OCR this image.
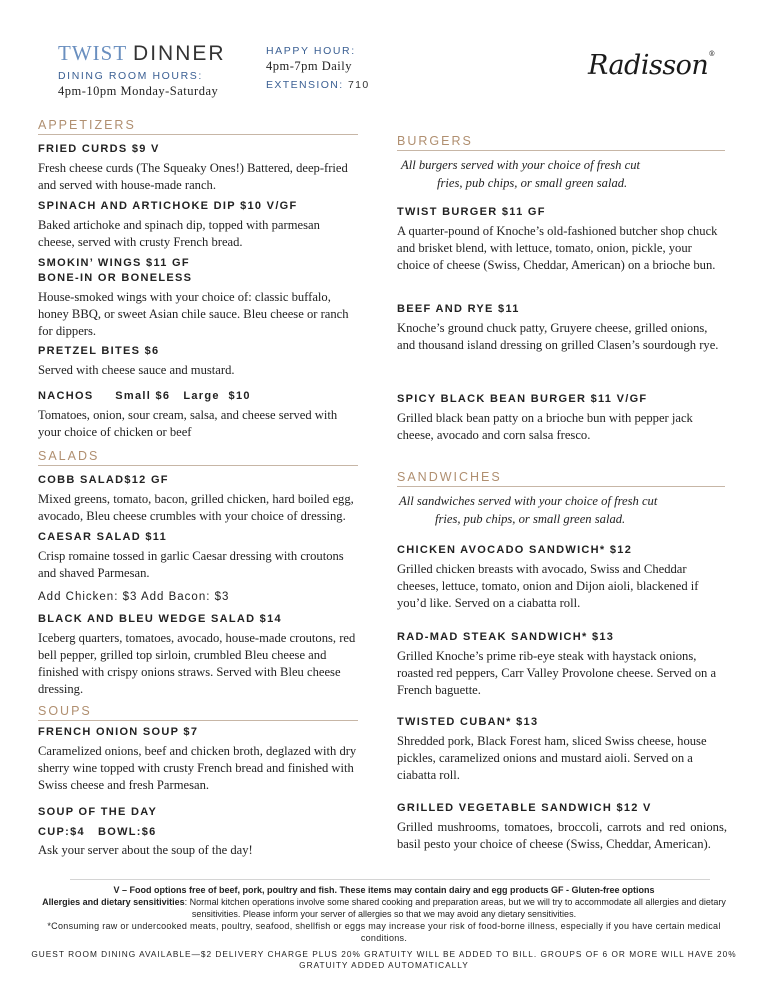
TWIST DINNER
DINING ROOM HOURS:
4pm-10pm Monday-Saturday
HAPPY HOUR:
4pm-7pm Daily
EXTENSION: 710
Radisson®
APPETIZERS
FRIED CURDS $9 V
Fresh cheese curds (The Squeaky Ones!) Battered, deep-fried and served with house-made ranch.
SPINACH AND ARTICHOKE DIP $10 V/GF
Baked artichoke and spinach dip, topped with parmesan cheese, served with crusty French bread.
SMOKIN’ WINGS $11 GF
BONE-IN OR BONELESS
House-smoked wings with your choice of: classic buffalo, honey BBQ, or sweet Asian chile sauce. Bleu cheese or ranch for dippers.
PRETZEL BITES $6
Served with cheese sauce and mustard.
NACHOS     Small $6   Large  $10
Tomatoes, onion, sour cream, salsa, and cheese served with your choice of chicken or beef
SALADS
COBB SALAD$12 GF
Mixed greens, tomato, bacon, grilled chicken, hard boiled egg, avocado, Bleu cheese crumbles with your choice of dressing.
CAESAR SALAD $11
Crisp romaine tossed in garlic Caesar dressing with croutons and shaved Parmesan.
Add Chicken: $3 Add Bacon: $3
BLACK AND BLEU WEDGE SALAD $14
Iceberg quarters, tomatoes, avocado, house-made croutons, red bell pepper, grilled top sirloin, crumbled Bleu cheese and finished with crispy onions straws. Served with Bleu cheese dressing.
SOUPS
FRENCH ONION SOUP $7
Caramelized onions, beef and chicken broth, deglazed with dry sherry wine topped with crusty French bread and finished with Swiss cheese and fresh Parmesan.
SOUP OF THE DAY
CUP:$4   BOWL:$6
Ask your server about the soup of the day!
BURGERS
All burgers served with your choice of fresh cut
fries, pub chips, or small green salad.
TWIST BURGER $11 GF
A quarter-pound of Knoche’s old-fashioned butcher shop chuck and brisket blend, with lettuce, tomato, onion, pickle, your choice of cheese (Swiss, Cheddar, American) on a brioche bun.
BEEF AND RYE $11
Knoche’s ground chuck patty, Gruyere cheese, grilled onions, and thousand island dressing on grilled Clasen’s sourdough rye.
SPICY BLACK BEAN BURGER $11 V/GF
Grilled black bean patty on a brioche bun with pepper jack cheese, avocado and corn salsa fresco.
SANDWICHES
All sandwiches served with your choice of fresh cut
fries, pub chips, or small green salad.
CHICKEN AVOCADO SANDWICH* $12
Grilled chicken breasts with avocado, Swiss and Cheddar cheeses, lettuce, tomato, onion and Dijon aioli, blackened if you’d like. Served on a ciabatta roll.
RAD-MAD STEAK SANDWICH* $13
Grilled Knoche’s prime rib-eye steak with haystack onions, roasted red peppers, Carr Valley Provolone cheese. Served on a French baguette.
TWISTED CUBAN* $13
Shredded pork, Black Forest ham, sliced Swiss cheese, house pickles, caramelized onions and mustard aioli. Served on a ciabatta roll.
GRILLED VEGETABLE SANDWICH $12 V
Grilled mushrooms, tomatoes, broccoli, carrots and red onions, basil pesto your choice of cheese (Swiss, Cheddar, American).
V – Food options free of beef, pork, poultry and fish. These items may contain dairy and egg products GF - Gluten-free options
Allergies and dietary sensitivities: Normal kitchen operations involve some shared cooking and preparation areas, but we will try to accommodate all allergies and dietary sensitivities. Please inform your server of allergies so that we may avoid any dietary sensitivities.
*Consuming raw or undercooked meats, poultry, seafood, shellfish or eggs may increase your risk of food-borne illness, especially if you have certain medical conditions.
GUEST ROOM DINING AVAILABLE—$2 DELIVERY CHARGE PLUS 20% GRATUITY WILL BE ADDED TO BILL. GROUPS OF 6 OR MORE WILL HAVE 20% GRATUITY ADDED AUTOMATICALLY
